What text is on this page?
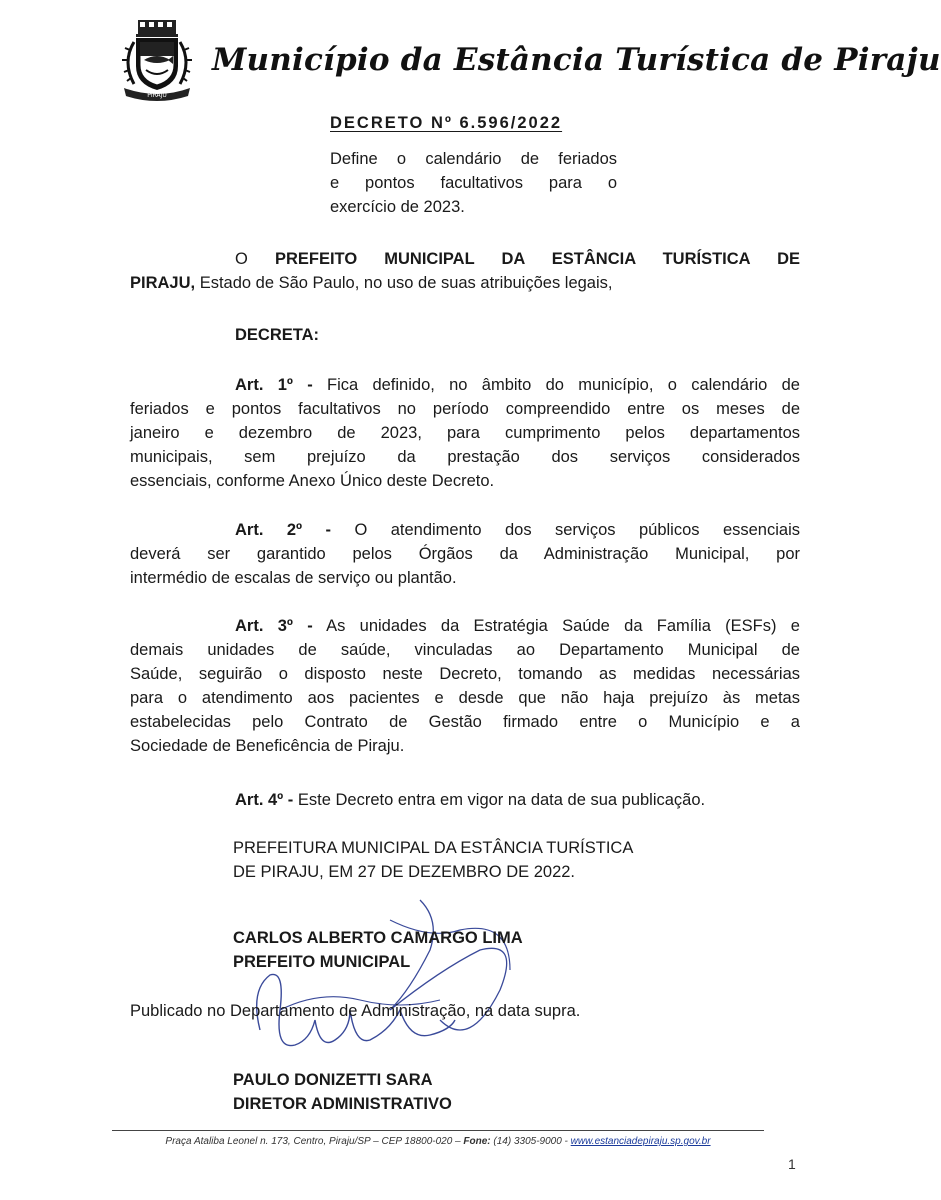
PIRAJU
Município da Estância Turística de Piraju
DECRETO Nº 6.596/2022
Define o calendário de feriados
e pontos facultativos para o
exercício de 2023.
O PREFEITO MUNICIPAL DA ESTÂNCIA TURÍSTICA DE
PIRAJU, Estado de São Paulo, no uso de suas atribuições legais,
DECRETA:
Art. 1º - Fica definido, no âmbito do município, o calendário de
feriados e pontos facultativos no período compreendido entre os meses de
janeiro e dezembro de 2023, para cumprimento pelos departamentos
municipais, sem prejuízo da prestação dos serviços considerados
essenciais, conforme Anexo Único deste Decreto.
Art. 2º - O atendimento dos serviços públicos essenciais
deverá ser garantido pelos Órgãos da Administração Municipal, por
intermédio de escalas de serviço ou plantão.
Art. 3º - As unidades da Estratégia Saúde da Família (ESFs) e
demais unidades de saúde, vinculadas ao Departamento Municipal de
Saúde, seguirão o disposto neste Decreto, tomando as medidas necessárias
para o atendimento aos pacientes e desde que não haja prejuízo às metas
estabelecidas pelo Contrato de Gestão firmado entre o Município e a
Sociedade de Beneficência de Piraju.
Art. 4º - Este Decreto entra em vigor na data de sua publicação.
PREFEITURA MUNICIPAL DA ESTÂNCIA TURÍSTICA
DE PIRAJU, EM 27 DE DEZEMBRO DE 2022.
CARLOS ALBERTO CAMARGO LIMA
PREFEITO MUNICIPAL
Publicado no Departamento de Administração, na data supra.
PAULO DONIZETTI SARA
DIRETOR ADMINISTRATIVO
Praça Ataliba Leonel n. 173, Centro, Piraju/SP – CEP 18800-020 – Fone: (14) 3305-9000 - www.estanciadepiraju.sp.gov.br
1
